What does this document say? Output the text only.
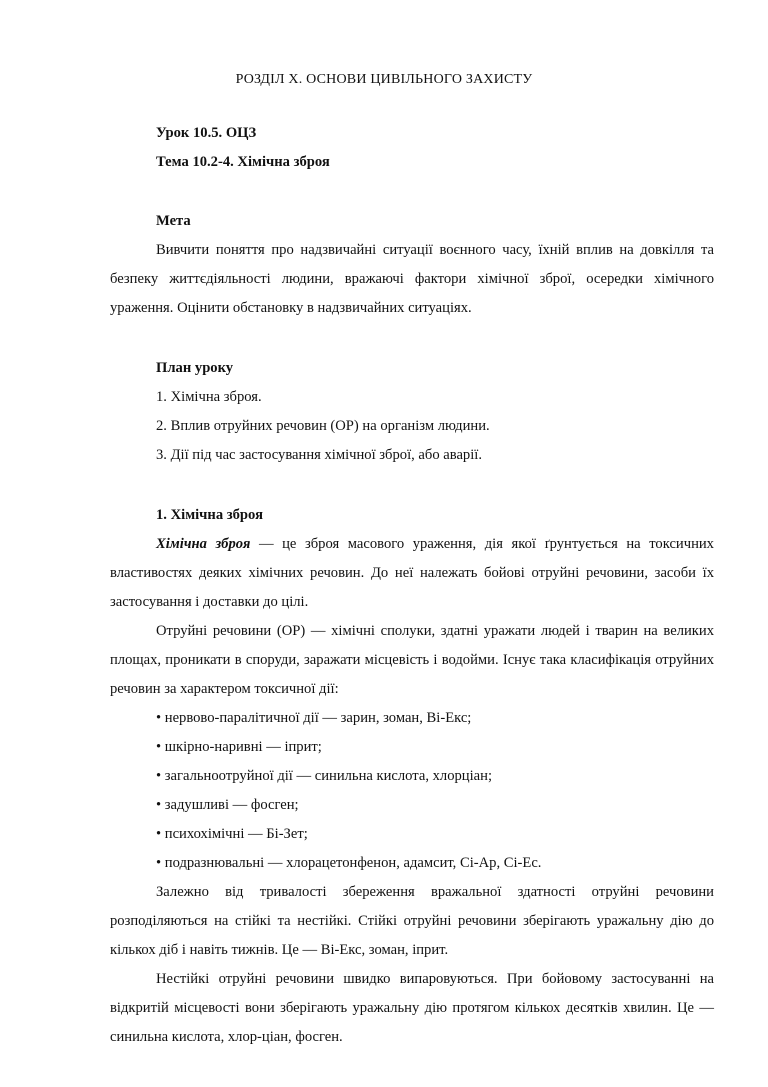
РОЗДІЛ Х. ОСНОВИ ЦИВІЛЬНОГО ЗАХИСТУ

Урок 10.5. ОЦЗ

Тема 10.2-4. Хімічна зброя

Мета

Вивчити поняття про надзвичайні ситуації воєнного часу, їхній вплив на довкілля та безпеку життєдіяльності людини, вражаючі фактори хімічної зброї, осередки хімічного ураження. Оцінити обстановку в надзвичайних ситуаціях.

План уроку

1. Хімічна зброя.

2. Вплив отруйних речовин (ОР) на організм людини.

3. Дії під час застосування хімічної зброї, або аварії.

1. Хімічна зброя

Хімічна зброя — це зброя масового ураження, дія якої ґрунтується на токсичних властивостях деяких хімічних речовин. До неї належать бойові отруйні речовини, засоби їх застосування і доставки до цілі.

Отруйні речовини (ОР) — хімічні сполуки, здатні уражати людей і тварин на великих площах, проникати в споруди, заражати місцевість і водойми. Існує така класифікація отруйних речовин за характером токсичної дії:

• нервово-паралітичної дії — зарин, зоман, Ві-Екс;

• шкірно-наривні — іприт;

• загальноотруйної дії — синильна кислота, хлорціан;

• задушливі — фосген;

• психохімічні — Бі-Зет;

• подразнювальні — хлорацетонфенон, адамсит, Сі-Ар, Сі-Ес.

Залежно від тривалості збереження вражальної здатності отруйні речовини розподіляються на стійкі та нестійкі. Стійкі отруйні речовини зберігають уражальну дію до кількох діб і навіть тижнів. Це — Ві-Екс, зоман, іприт.

Нестійкі отруйні речовини швидко випаровуються. При бойовому застосуванні на відкритій місцевості вони зберігають уражальну дію протягом кількох десятків хвилин. Це — синильна кислота, хлор-ціан, фосген.
